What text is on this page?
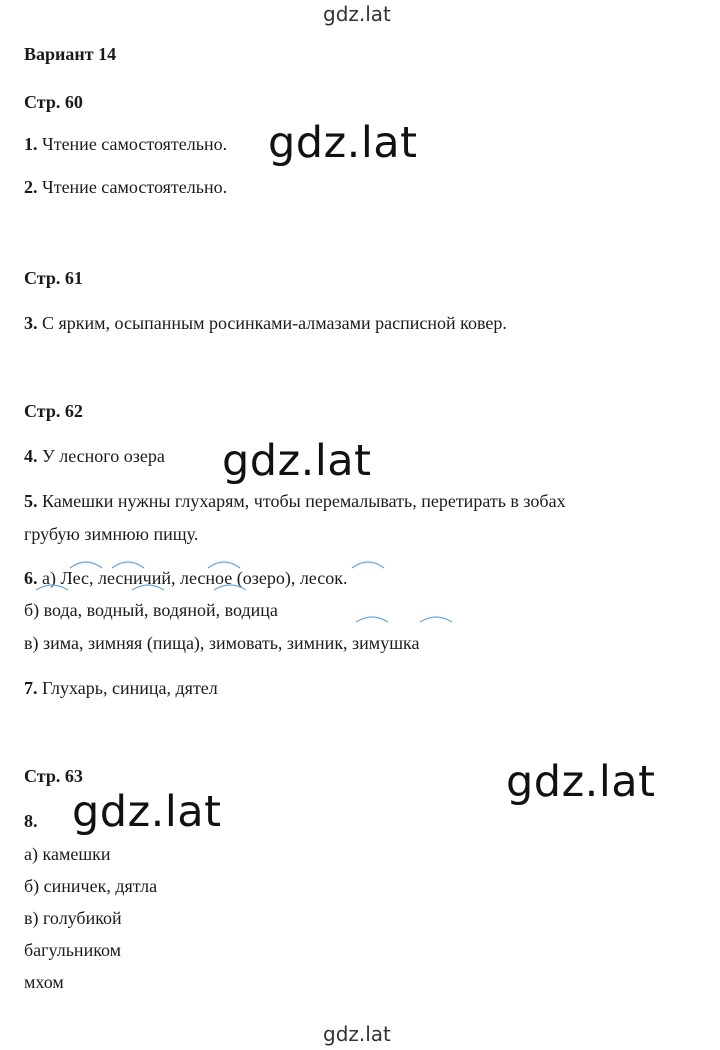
gdz.lat
Вариант 14
Стр. 60
1. Чтение самостоятельно.
2. Чтение самостоятельно.
Стр. 61
3. С ярким, осыпанным росинками-алмазами расписной ковер.
Стр. 62
4. У лесного озера
5. Камешки нужны глухарям, чтобы перемалывать, перетирать в зобах
грубую зимнюю пищу.
6. а) Лес, лесничий, лесное (озеро), лесок.
б) вода, водный, водяной, водица
в) зима, зимняя (пища), зимовать, зимник, зимушка
7. Глухарь, синица, дятел
Стр. 63
8.
а) камешки
б) синичек, дятла
в) голубикой
багульником
мхом
gdz.lat
gdz.lat
gdz.lat
gdz.lat
gdz.lat
